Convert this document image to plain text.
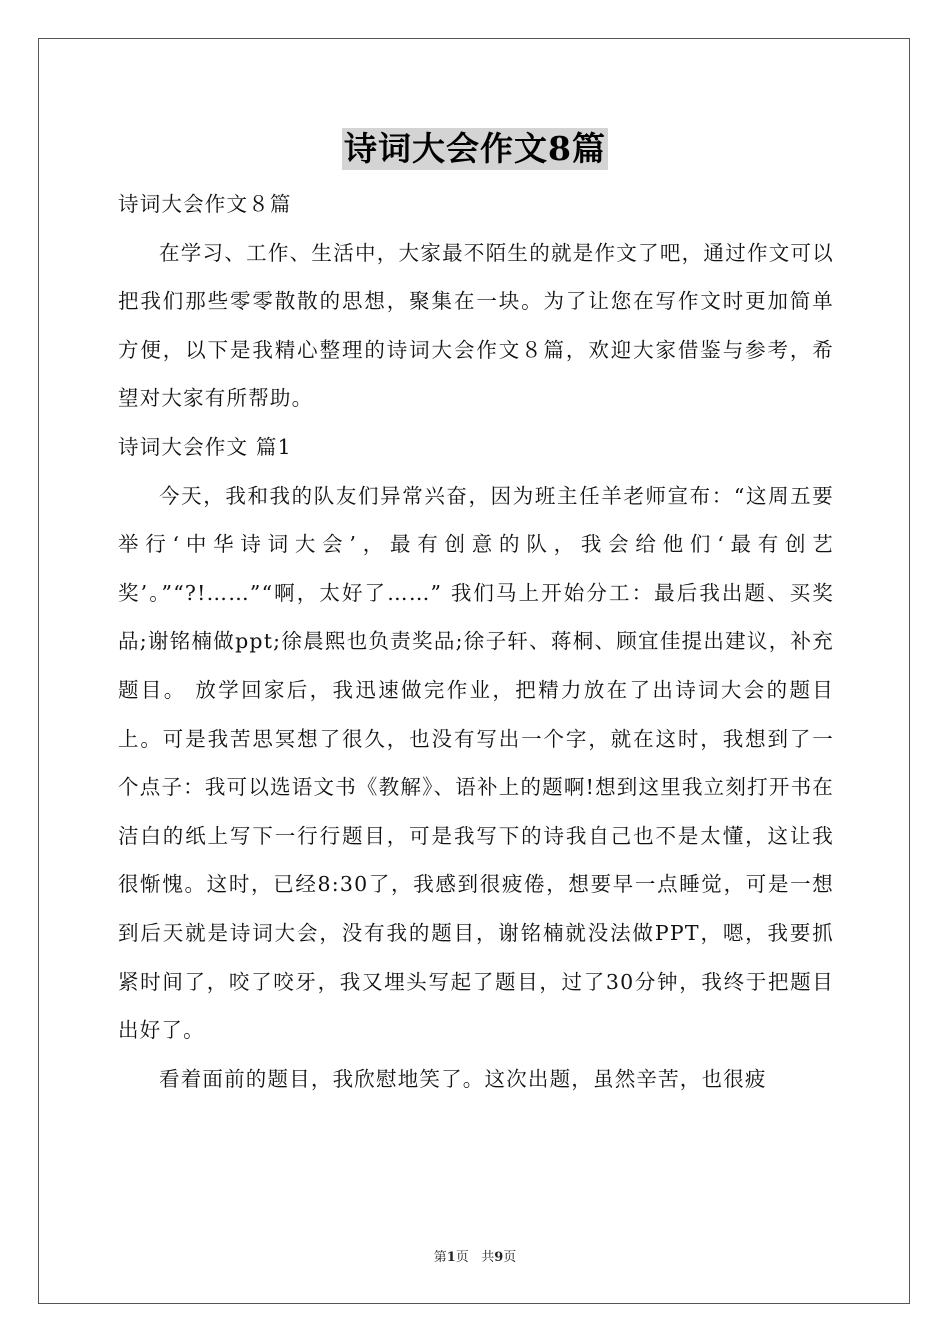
诗词大会作文8篇

诗词大会作文８篇

在学习、工作、生活中，大家最不陌生的就是作文了吧，通过作文可以把我们那些零零散散的思想，聚集在一块。为了让您在写作文时更加简单方便，以下是我精心整理的诗词大会作文８篇，欢迎大家借鉴与参考，希望对大家有所帮助。

诗词大会作文 篇1

今天，我和我的队友们异常兴奋，因为班主任羊老师宣布：“这周五要举行‘中华诗词大会’，最有创意的队，我会给他们‘最有创艺奖’。”“?!……”“啊，太好了……” 我们马上开始分工：最后我出题、买奖品;谢铭楠做ppt;徐晨熙也负责奖品;徐子轩、蒋桐、顾宜佳提出建议，补充题目。 放学回家后，我迅速做完作业，把精力放在了出诗词大会的题目上。可是我苦思冥想了很久，也没有写出一个字，就在这时，我想到了一个点子：我可以选语文书《教解》、语补上的题啊!想到这里我立刻打开书在洁白的纸上写下一行行题目，可是我写下的诗我自己也不是太懂，这让我很惭愧。这时，已经8:30了，我感到很疲倦，想要早一点睡觉，可是一想到后天就是诗词大会，没有我的题目，谢铭楠就没法做PPT，嗯，我要抓紧时间了，咬了咬牙，我又埋头写起了题目，过了30分钟，我终于把题目出好了。

看着面前的题目，我欣慰地笑了。这次出题，虽然辛苦，也很疲

第1页 共9页
